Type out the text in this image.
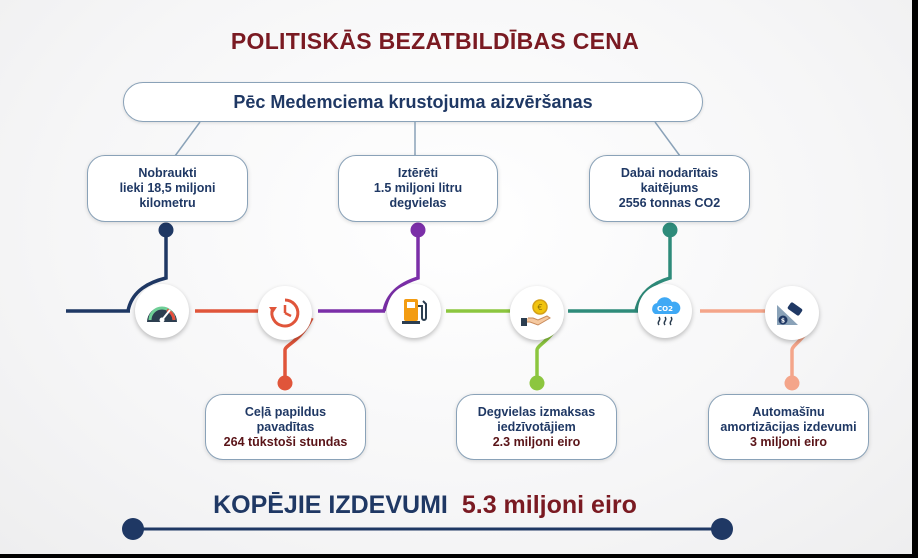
POLITISKĀS BEZATBILDĪBAS CENA
Pēc Medemciema krustojuma aizvēršanas
Nobraukti
lieki 18,5 miljoni
kilometru
Iztērēti
1.5 miljoni litru
degvielas
Dabai nodarītais
kaitējums
2556 tonnas CO2
Ceļā papildus
pavadītas
264 tūkstoši stundas
Degvielas izmaksas
iedzīvotājiem
2.3 miljoni eiro
Automašīnu
amortizācijas izdevumi
3 miljoni eiro
€	CO2
$
KOPĒJIE IZDEVUMI 5.3 miljoni eiro
